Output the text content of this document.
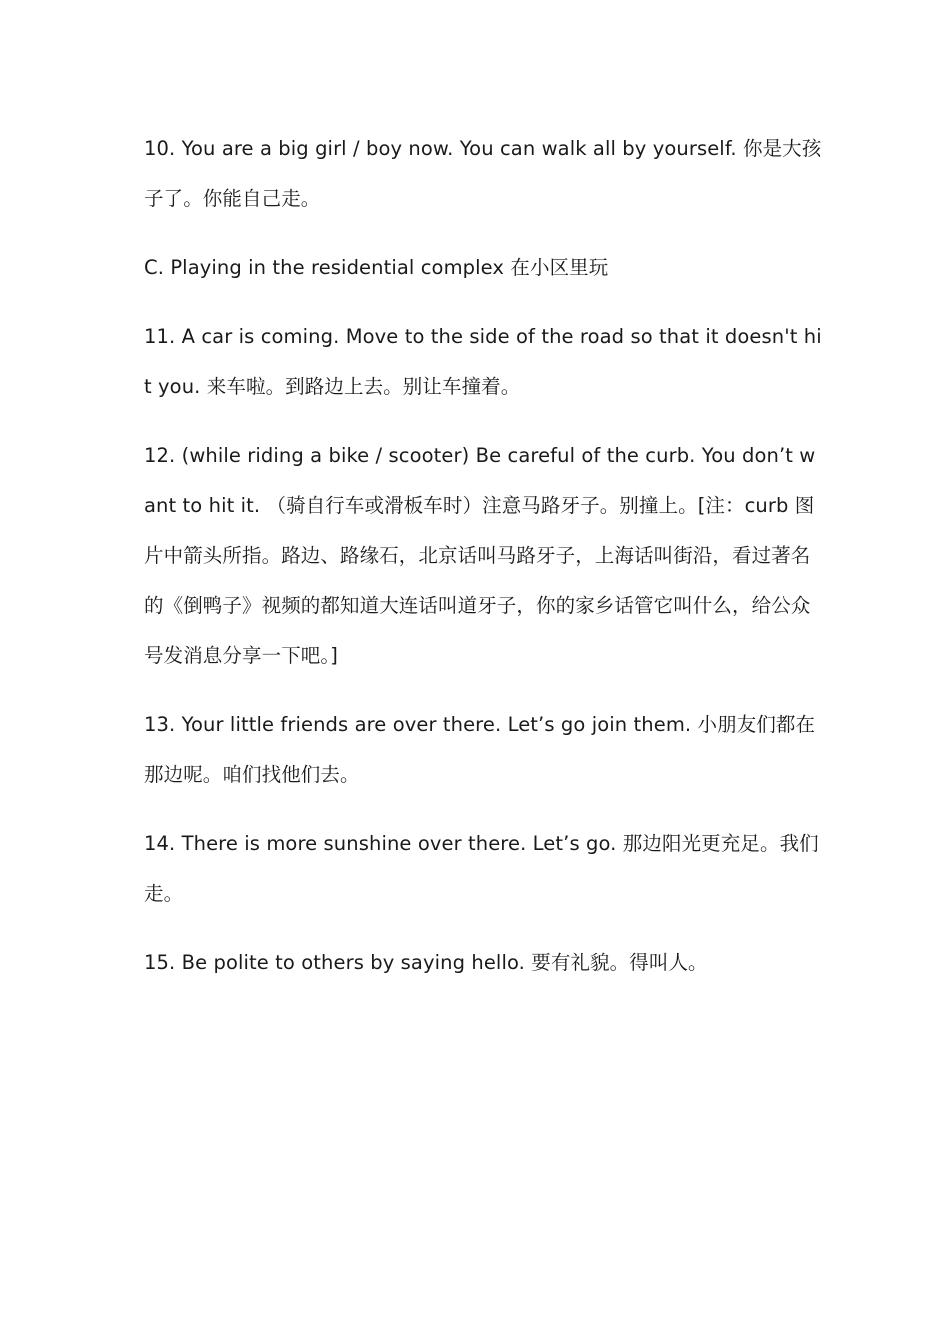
10. You are a big girl / boy now. You can walk all by yourself. 你是大孩子了。你能自己走。

C. Playing in the residential complex 在小区里玩

11. A car is coming. Move to the side of the road so that it doesn't hit you. 来车啦。到路边上去。别让车撞着。

12. (while riding a bike / scooter) Be careful of the curb. You don’t want to hit it. （骑自行车或滑板车时）注意马路牙子。别撞上。[注：curb 图片中箭头所指。路边、路缘石，北京话叫马路牙子，上海话叫街沿，看过著名的《倒鸭子》视频的都知道大连话叫道牙子，你的家乡话管它叫什么，给公众号发消息分享一下吧。]

13. Your little friends are over there. Let’s go join them. 小朋友们都在那边呢。咱们找他们去。

14. There is more sunshine over there. Let’s go. 那边阳光更充足。我们走。

15. Be polite to others by saying hello. 要有礼貌。得叫人。
